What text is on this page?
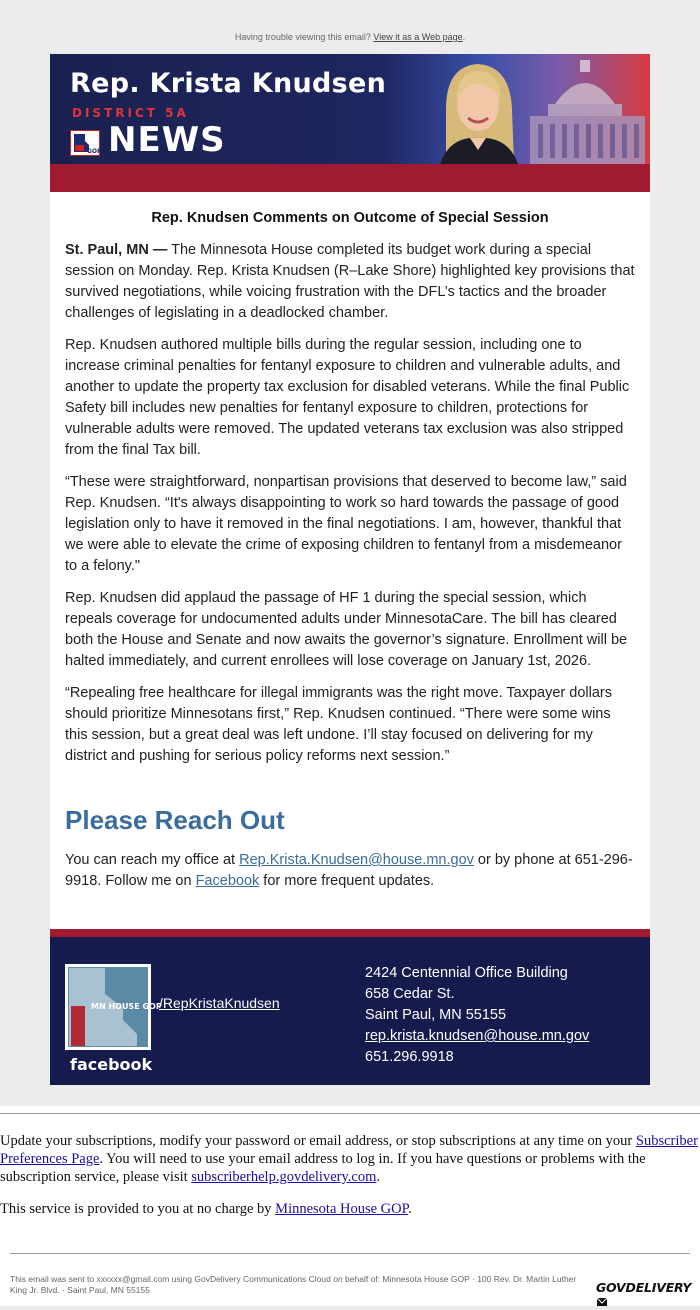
Having trouble viewing this email? View it as a Web page.
Rep. Krista Knudsen
DISTRICT 5A
GOP NEWS
Rep. Knudsen Comments on Outcome of Special Session

St. Paul, MN — The Minnesota House completed its budget work during a special session on Monday. Rep. Krista Knudsen (R–Lake Shore) highlighted key provisions that survived negotiations, while voicing frustration with the DFL’s tactics and the broader challenges of legislating in a deadlocked chamber.

Rep. Knudsen authored multiple bills during the regular session, including one to increase criminal penalties for fentanyl exposure to children and vulnerable adults, and another to update the property tax exclusion for disabled veterans. While the final Public Safety bill includes new penalties for fentanyl exposure to children, protections for vulnerable adults were removed. The updated veterans tax exclusion was also stripped from the final Tax bill.

“These were straightforward, nonpartisan provisions that deserved to become law,” said Rep. Knudsen. “It's always disappointing to work so hard towards the passage of good legislation only to have it removed in the final negotiations. I am, however, thankful that we were able to elevate the crime of exposing children to fentanyl from a misdemeanor to a felony."

Rep. Knudsen did applaud the passage of HF 1 during the special session, which repeals coverage for undocumented adults under MinnesotaCare. The bill has cleared both the House and Senate and now awaits the governor’s signature. Enrollment will be halted immediately, and current enrollees will lose coverage on January 1st, 2026.

“Repealing free healthcare for illegal immigrants was the right move. Taxpayer dollars should prioritize Minnesotans first,” Rep. Knudsen continued. “There were some wins this session, but a great deal was left undone. I’ll stay focused on delivering for my district and pushing for serious policy reforms next session.”

Please Reach Out

You can reach my office at Rep.Krista.Knudsen@house.mn.gov or by phone at 651-296-9918. Follow me on Facebook for more frequent updates.

MN HOUSE GOP
facebook
/RepKristaKnudsen
2424 Centennial Office Building
658 Cedar St.
Saint Paul, MN 55155
rep.krista.knudsen@house.mn.gov
651.296.9918

Update your subscriptions, modify your password or email address, or stop subscriptions at any time on your Subscriber Preferences Page. You will need to use your email address to log in. If you have questions or problems with the subscription service, please visit subscriberhelp.govdelivery.com.

This service is provided to you at no charge by Minnesota House GOP.

This email was sent to xxxxxx@gmail.com using GovDelivery Communications Cloud on behalf of: Minnesota House GOP · 100 Rev. Dr. Martin Luther King Jr. Blvd. · Saint Paul, MN 55155	GOVDELIVERY
